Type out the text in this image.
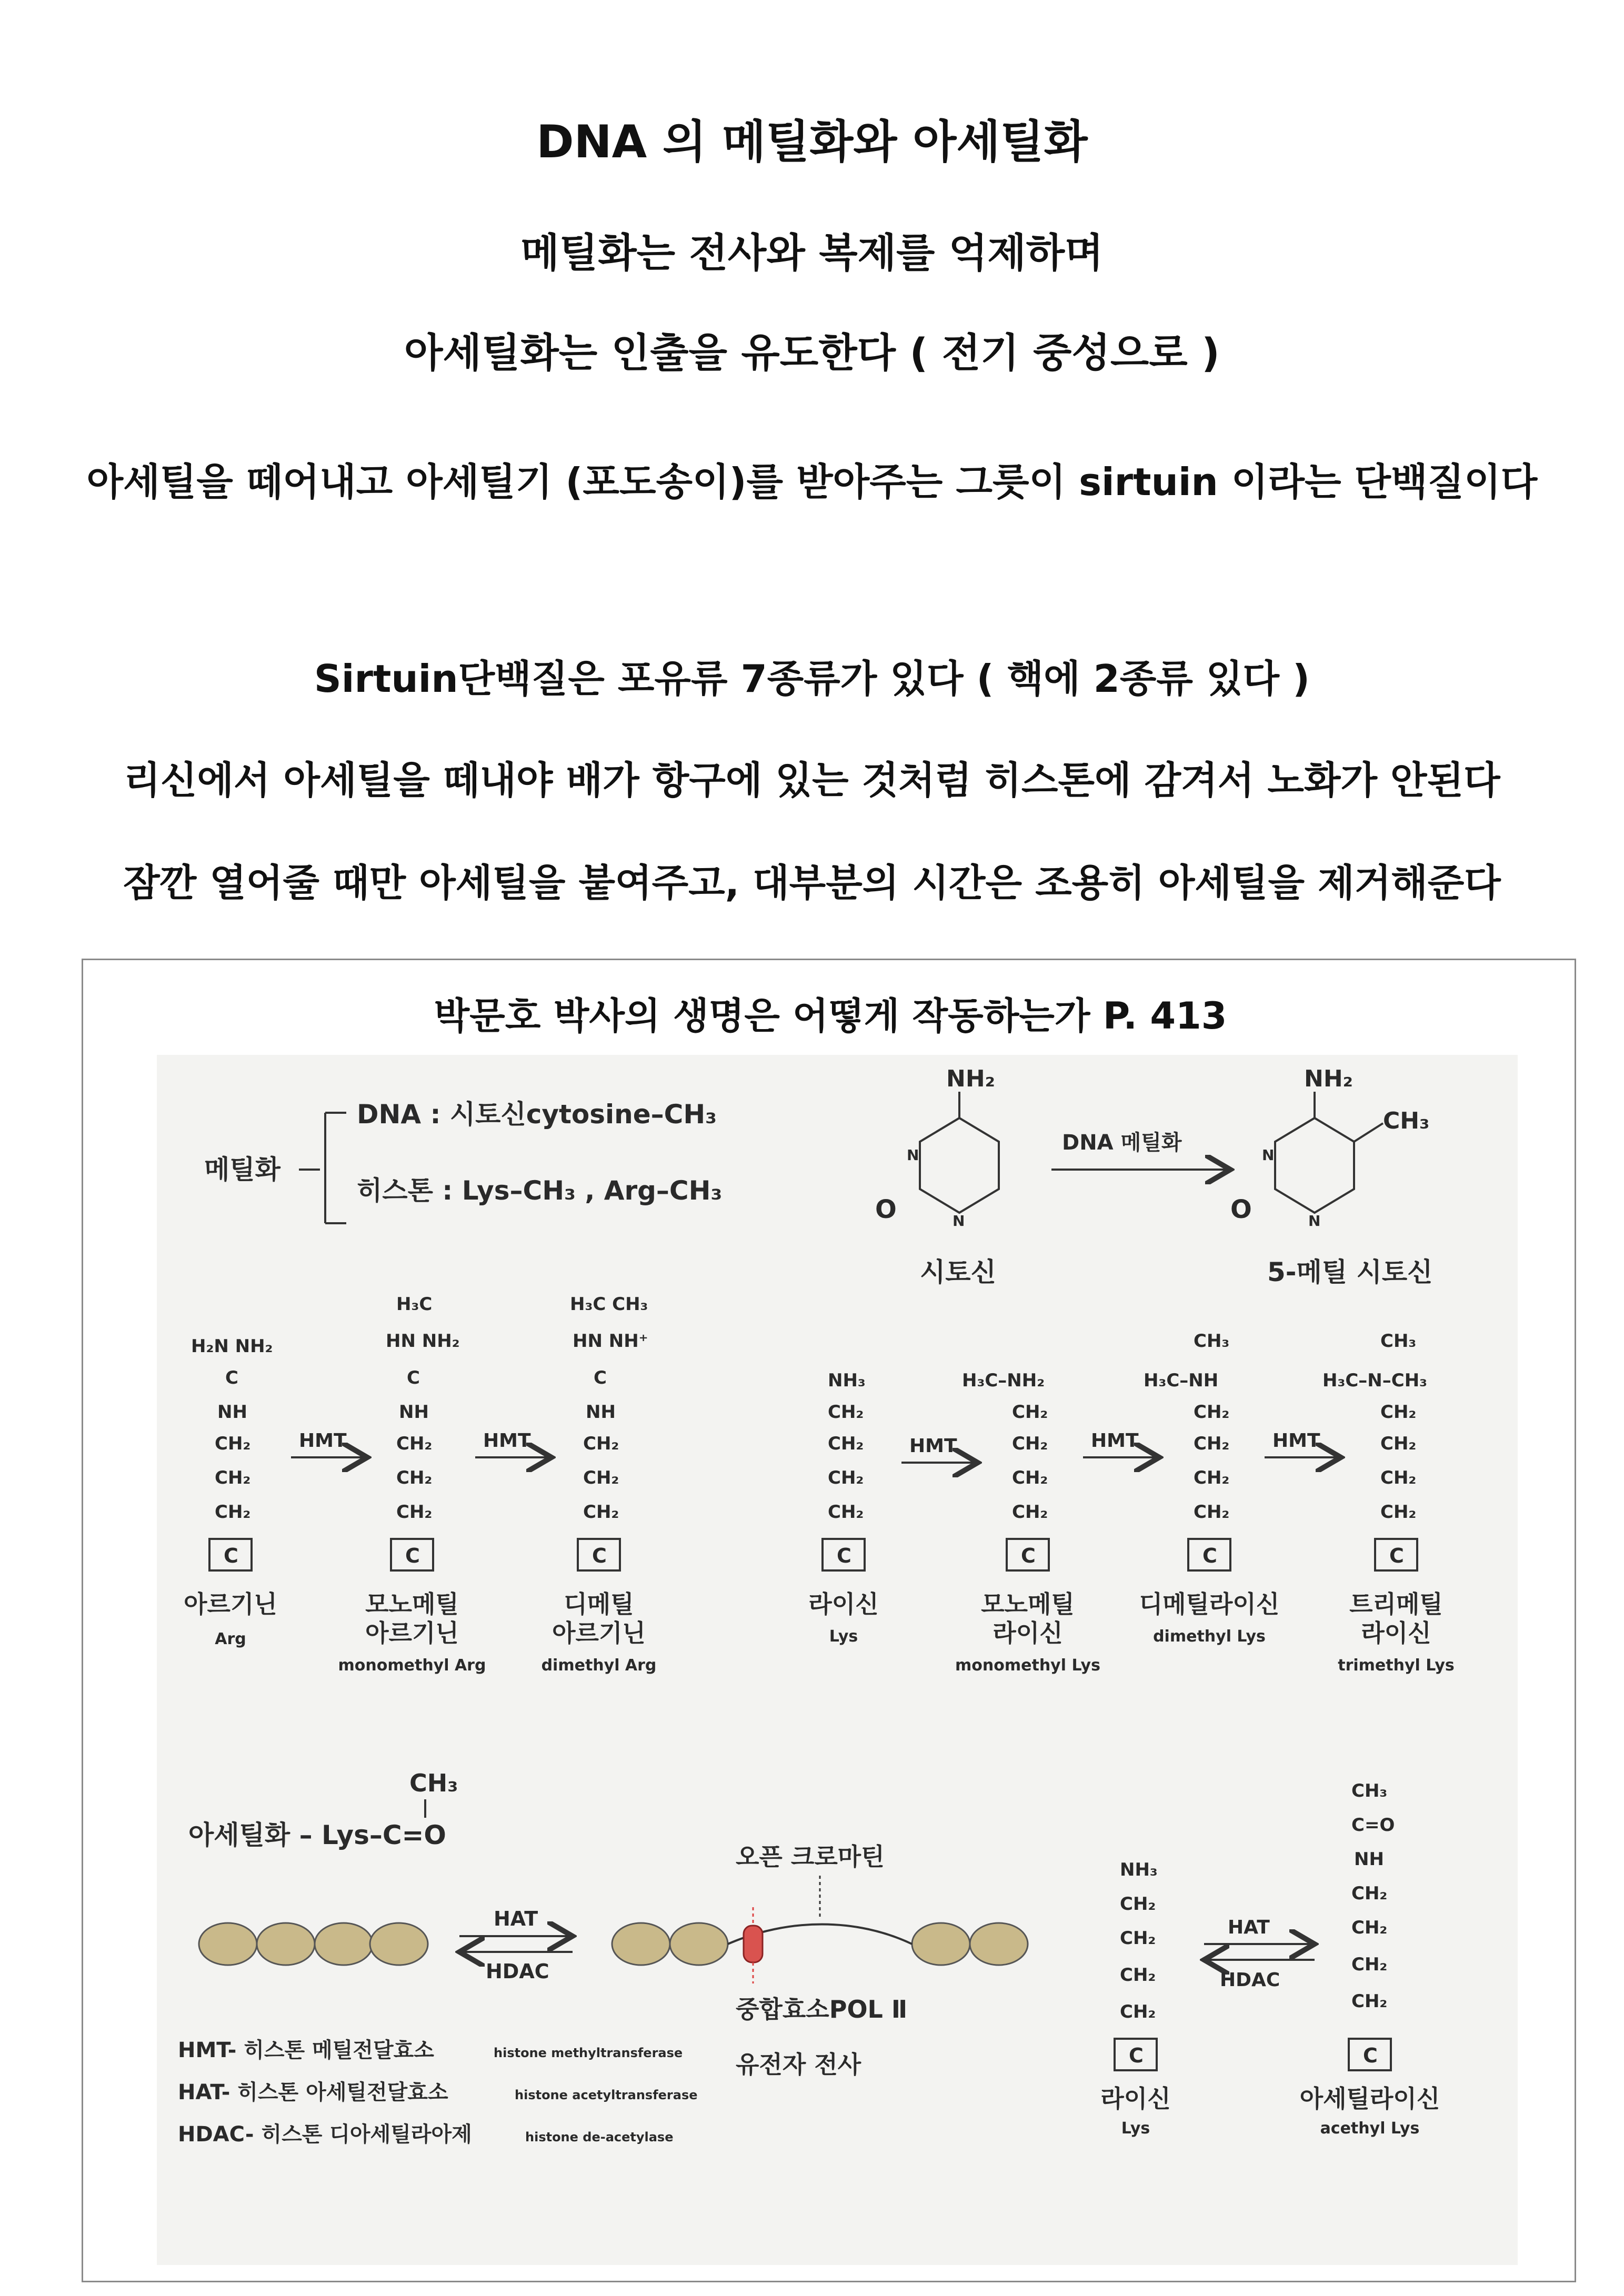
DNA 의 메틸화와 아세틸화
메틸화는 전사와 복제를 억제하며
아세틸화는 인출을 유도한다 ( 전기 중성으로 )
아세틸을 떼어내고 아세틸기 (포도송이)를 받아주는 그릇이 sirtuin 이라는 단백질이다
Sirtuin단백질은 포유류 7종류가 있다 ( 핵에 2종류 있다 )
리신에서 아세틸을 떼내야 배가 항구에 있는 것처럼 히스톤에 감겨서 노화가 안된다
잠깐 열어줄 때만 아세틸을 붙여주고, 대부분의 시간은 조용히 아세틸을 제거해준다
박문호 박사의 생명은 어떻게 작동하는가 P. 413
메틸화
DNA : 시토신cytosine–CH₃
히스톤 : Lys–CH₃ , Arg–CH₃
NH₂
O
N
N
시토신
DNA 메틸화
NH₂
CH₃
O
N
N
5-메틸 시토신
H₂N NH₂
C
NH
CH₂
CH₂
CH₂
H₃C
HN NH₂
C
NH
CH₂
CH₂
CH₂
H₃C CH₃
HN NH⁺
C
NH
CH₂
CH₂
CH₂
NH₃
CH₂
CH₂
CH₂
CH₂
H₃C–NH₂
CH₂
CH₂
CH₂
CH₂
CH₃
H₃C–NH
CH₂
CH₂
CH₂
CH₂
CH₃
H₃C–N–CH₃
CH₂
CH₂
CH₂
CH₂
HMT	HMT	HMT	HMT	HMT
C	C	C	C	C	C	C
아르기닌
Arg
모노메틸
아르기닌
monomethyl Arg
디메틸
아르기닌
dimethyl Arg
라이신
Lys
모노메틸
라이신
monomethyl Lys
디메틸라이신
dimethyl Lys
트리메틸
라이신
trimethyl Lys
CH₃
아세틸화 – Lys–C=O
HAT
HDAC
오픈 크로마틴
중합효소POL Ⅱ
유전자 전사
NH₃
CH₂
CH₂
CH₂
CH₂
C
라이신
Lys
HAT
HDAC
CH₃
C=O
NH
CH₂
CH₂
CH₂
CH₂
C
아세틸라이신
acethyl Lys
HMT- 히스톤 메틸전달효소	histone methyltransferase
HAT- 히스톤 아세틸전달효소	histone acetyltransferase
HDAC- 히스톤 디아세틸라아제	histone de-acetylase
